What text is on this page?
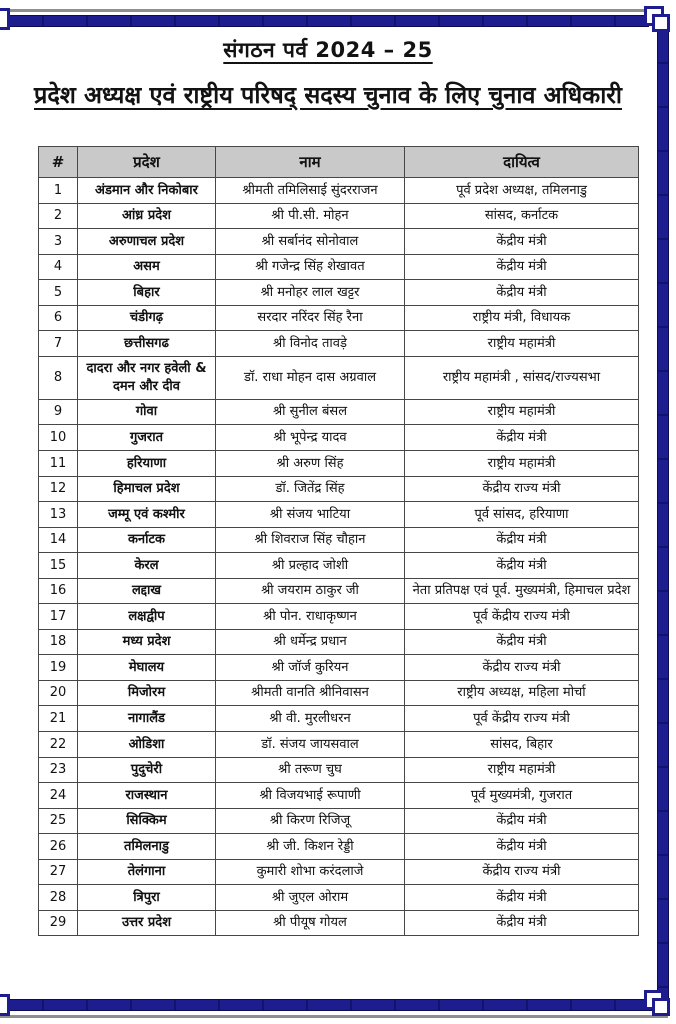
संगठन पर्व 2024 – 25
प्रदेश अध्यक्ष एवं राष्ट्रीय परिषद् सदस्य चुनाव के लिए चुनाव अधिकारी
#	प्रदेश	नाम	दायित्व
1	अंडमान और निकोबार	श्रीमती तमिलिसाई सुंदरराजन	पूर्व प्रदेश अध्यक्ष, तमिलनाडु
2	आंध्र प्रदेश	श्री पी.सी. मोहन	सांसद, कर्नाटक
3	अरुणाचल प्रदेश	श्री सर्बानंद सोनोवाल	केंद्रीय मंत्री
4	असम	श्री गजेन्द्र सिंह शेखावत	केंद्रीय मंत्री
5	बिहार	श्री मनोहर लाल खट्टर	केंद्रीय मंत्री
6	चंडीगढ़	सरदार नरिंदर सिंह रैना	राष्ट्रीय मंत्री, विधायक
7	छत्तीसगढ	श्री विनोद तावड़े	राष्ट्रीय महामंत्री
8	दादरा और नगर हवेली & दमन और दीव	डॉ. राधा मोहन दास अग्रवाल	राष्ट्रीय महामंत्री , सांसद/राज्यसभा
9	गोवा	श्री सुनील बंसल	राष्ट्रीय महामंत्री
10	गुजरात	श्री भूपेन्द्र यादव	केंद्रीय मंत्री
11	हरियाणा	श्री अरुण सिंह	राष्ट्रीय महामंत्री
12	हिमाचल प्रदेश	डॉ. जितेंद्र सिंह	केंद्रीय राज्य मंत्री
13	जम्मू एवं कश्मीर	श्री संजय भाटिया	पूर्व सांसद, हरियाणा
14	कर्नाटक	श्री शिवराज सिंह चौहान	केंद्रीय मंत्री
15	केरल	श्री प्रल्हाद जोशी	केंद्रीय मंत्री
16	लद्दाख	श्री जयराम ठाकुर जी	नेता प्रतिपक्ष एवं पूर्व. मुख्यमंत्री, हिमाचल प्रदेश
17	लक्षद्वीप	श्री पोन. राधाकृष्णन	पूर्व केंद्रीय राज्य मंत्री
18	मध्य प्रदेश	श्री धर्मेन्द्र प्रधान	केंद्रीय मंत्री
19	मेघालय	श्री जॉर्ज कुरियन	केंद्रीय राज्य मंत्री
20	मिजोरम	श्रीमती वानति श्रीनिवासन	राष्ट्रीय अध्यक्ष, महिला मोर्चा
21	नागालैंड	श्री वी. मुरलीधरन	पूर्व केंद्रीय राज्य मंत्री
22	ओडिशा	डॉ. संजय जायसवाल	सांसद, बिहार
23	पुदुचेरी	श्री तरूण चुघ	राष्ट्रीय महामंत्री
24	राजस्थान	श्री विजयभाई रूपाणी	पूर्व मुख्यमंत्री, गुजरात
25	सिक्किम	श्री किरण रिजिजू	केंद्रीय मंत्री
26	तमिलनाडु	श्री जी. किशन रेड्डी	केंद्रीय मंत्री
27	तेलंगाना	कुमारी शोभा करंदलाजे	केंद्रीय राज्य मंत्री
28	त्रिपुरा	श्री जुएल ओराम	केंद्रीय मंत्री
29	उत्तर प्रदेश	श्री पीयूष गोयल	केंद्रीय मंत्री
